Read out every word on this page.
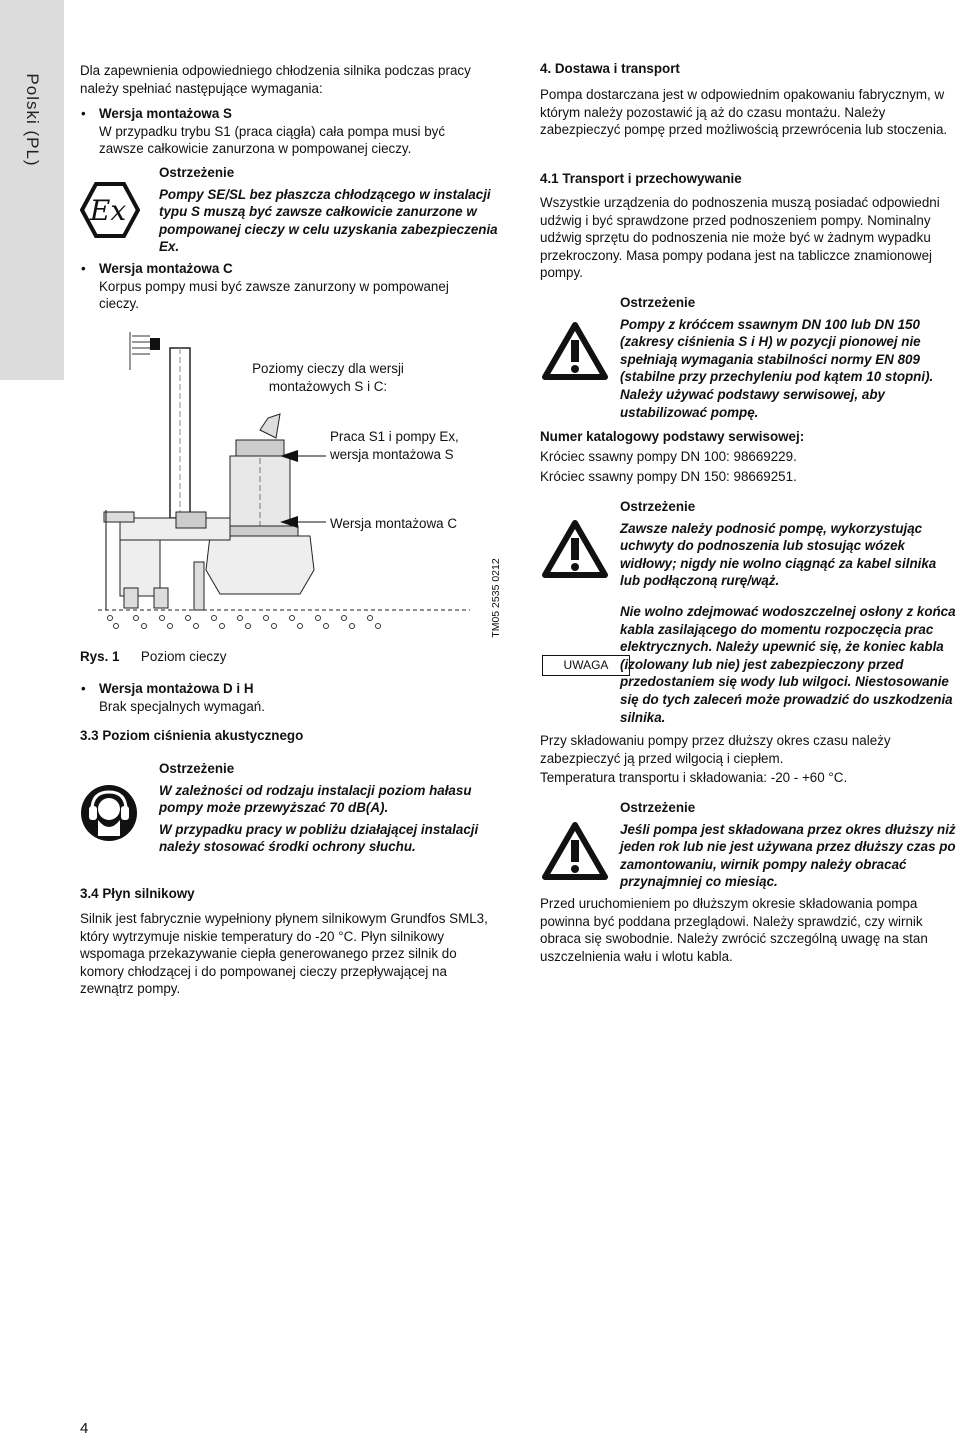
Polski (PL)

Dla zapewnienia odpowiedniego chłodzenia silnika podczas pracy należy spełniać następujące wymagania:

• Wersja montażowa S
W przypadku trybu S1 (praca ciągła) cała pompa musi być zawsze całkowicie zanurzona w pompowanej cieczy.
Ex
Ostrzeżenie
Pompy SE/SL bez płaszcza chłodzącego w instalacji typu S muszą być zawsze całkowicie zanurzone w pompowanej cieczy w celu uzyskania zabezpieczenia Ex.
• Wersja montażowa C
Korpus pompy musi być zawsze zanurzony w pompowanej cieczy.
Poziomy cieczy dla wersji montażowych S i C:
Praca S1 i pompy Ex, wersja montażowa S
Wersja montażowa C
TM05 2535 0212
Rys. 1 Poziom cieczy
• Wersja montażowa D i H
Brak specjalnych wymagań.
3.3 Poziom ciśnienia akustycznego
Ostrzeżenie
W zależności od rodzaju instalacji poziom hałasu pompy może przewyższać 70 dB(A).
W przypadku pracy w pobliżu działającej instalacji należy stosować środki ochrony słuchu.
3.4 Płyn silnikowy
Silnik jest fabrycznie wypełniony płynem silnikowym Grundfos SML3, który wytrzymuje niskie temperatury do -20 °C. Płyn silnikowy wspomaga przekazywanie ciepła generowanego przez silnik do komory chłodzącej i do pompowanej cieczy przepływającej na zewnątrz pompy.
4. Dostawa i transport
Pompa dostarczana jest w odpowiednim opakowaniu fabrycznym, w którym należy pozostawić ją aż do czasu montażu. Należy zabezpieczyć pompę przed możliwością przewrócenia lub stoczenia.
4.1 Transport i przechowywanie
Wszystkie urządzenia do podnoszenia muszą posiadać odpowiedni udźwig i być sprawdzone przed podnoszeniem pompy. Nominalny udźwig sprzętu do podnoszenia nie może być w żadnym wypadku przekroczony. Masa pompy podana jest na tabliczce znamionowej pompy.
Ostrzeżenie
Pompy z króćcem ssawnym DN 100 lub DN 150 (zakresy ciśnienia S i H) w pozycji pionowej nie spełniają wymagania stabilności normy EN 809 (stabilne przy przechyleniu pod kątem 10 stopni). Należy używać podstawy serwisowej, aby ustabilizować pompę.
Numer katalogowy podstawy serwisowej:
Króciec ssawny pompy DN 100: 98669229.
Króciec ssawny pompy DN 150: 98669251.
Ostrzeżenie
Zawsze należy podnosić pompę, wykorzystując uchwyty do podnoszenia lub stosując wózek widłowy; nigdy nie wolno ciągnąć za kabel silnika lub podłączoną rurę/wąż.
UWAGA
Nie wolno zdejmować wodoszczelnej osłony z końca kabla zasilającego do momentu rozpoczęcia prac elektrycznych. Należy upewnić się, że koniec kabla (izolowany lub nie) jest zabezpieczony przed przedostaniem się wody lub wilgoci. Niestosowanie się do tych zaleceń może prowadzić do uszkodzenia silnika.
Przy składowaniu pompy przez dłuższy okres czasu należy zabezpieczyć ją przed wilgocią i ciepłem.
Temperatura transportu i składowania: -20 - +60 °C.
Ostrzeżenie
Jeśli pompa jest składowana przez okres dłuższy niż jeden rok lub nie jest używana przez dłuższy czas po zamontowaniu, wirnik pompy należy obracać przynajmniej co miesiąc.
Przed uruchomieniem po dłuższym okresie składowania pompa powinna być poddana przeglądowi. Należy sprawdzić, czy wirnik obraca się swobodnie. Należy zwrócić szczególną uwagę na stan uszczelnienia wału i wlotu kabla.
4
